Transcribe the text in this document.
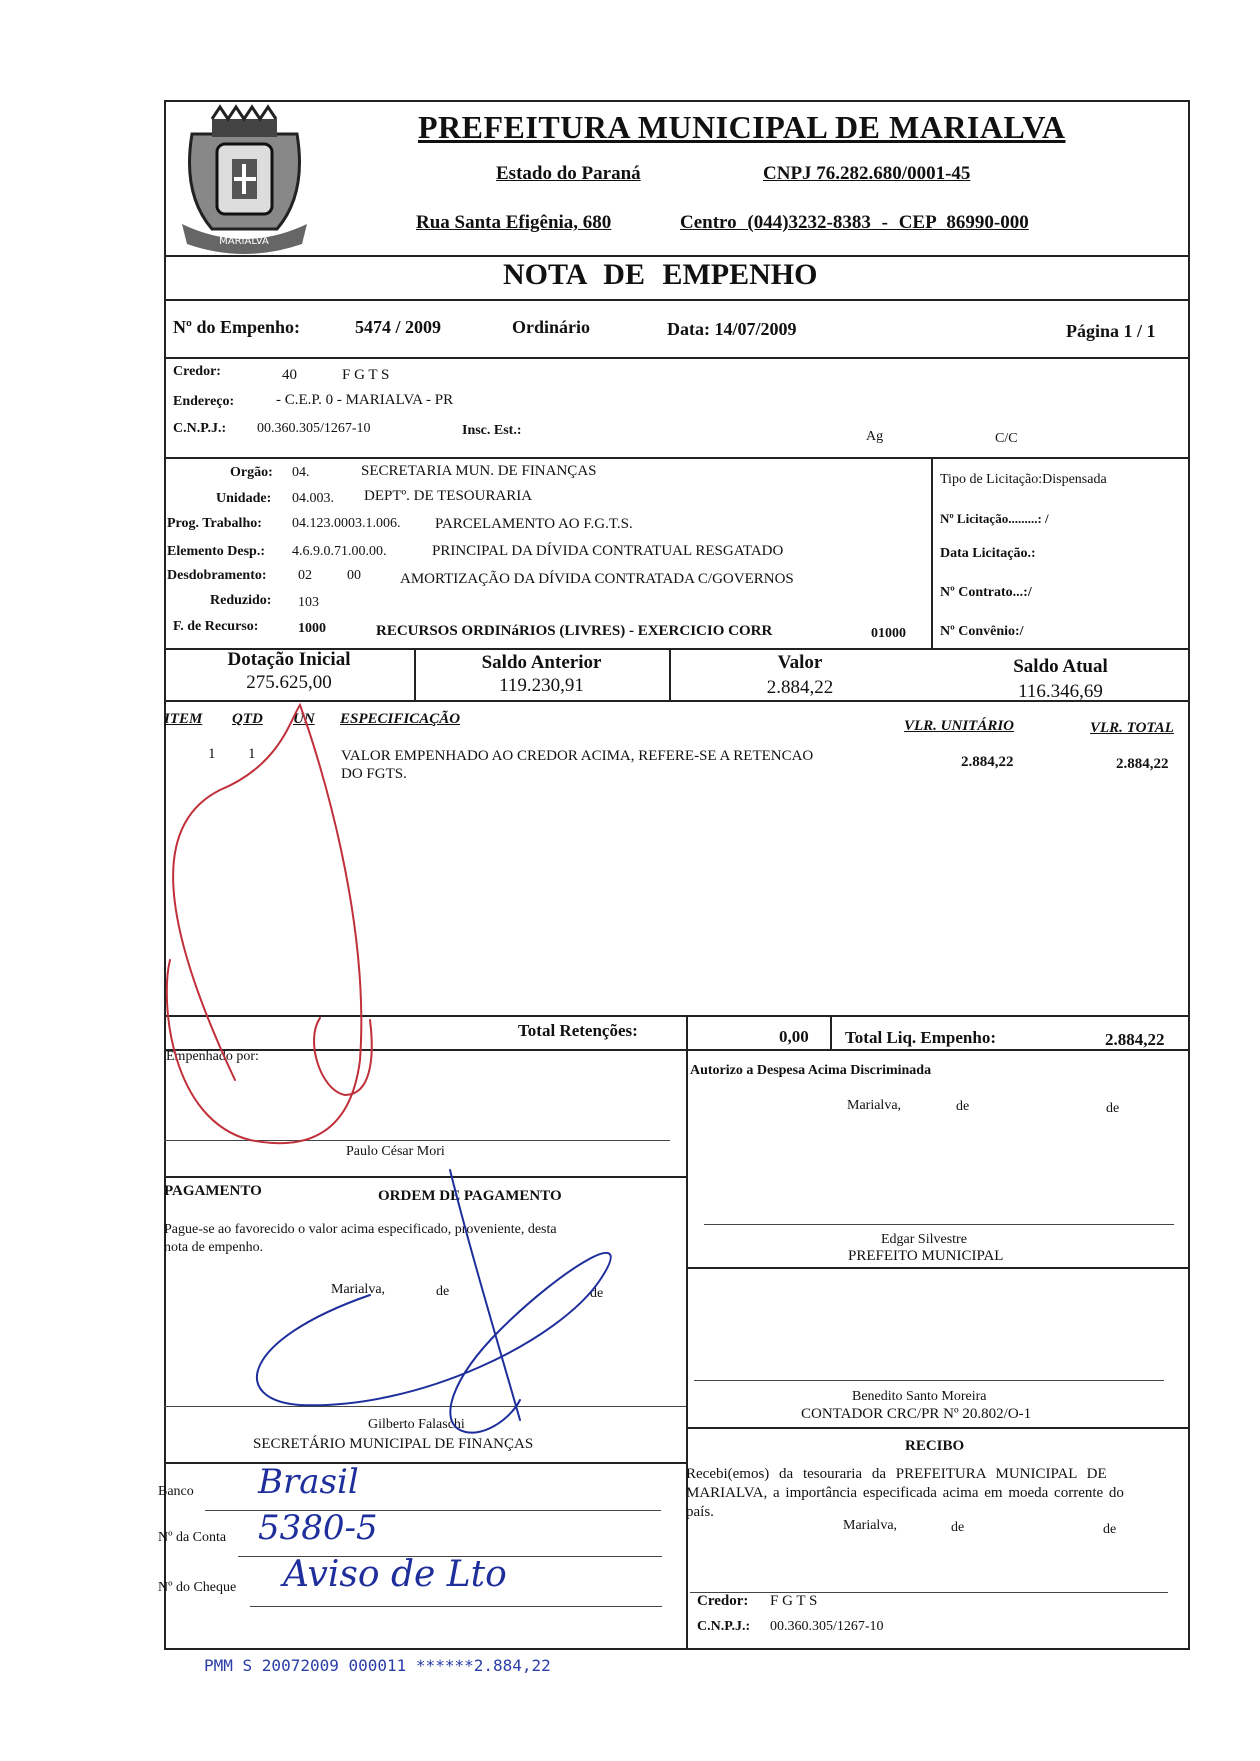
MARIALVA
PREFEITURA MUNICIPAL DE MARIALVA
Estado do Paraná	CNPJ 76.282.680/0001-45
Rua Santa Efigênia, 680	Centro (044)3232-8383 - CEP 86990-000
NOTA DE EMPENHO
Nº do Empenho:	5474 / 2009	Ordinário	Data: 14/07/2009	Página 1 / 1
Credor:	40	F G T S
Endereço:	- C.E.P. 0 - MARIALVA - PR
C.N.P.J.: 00.360.305/1267-10	Insc. Est.:	Ag	C/C
Orgão: 04.	SECRETARIA MUN. DE FINANÇAS
Unidade: 04.003. DEPTº. DE TESOURARIA
Prog. Trabalho: 04.123.0003.1.006. PARCELAMENTO AO F.G.T.S.
Elemento Desp.: 4.6.9.0.71.00.00.	PRINCIPAL DA DÍVIDA CONTRATUAL RESGATADO
Desdobramento: 02	00	AMORTIZAÇÃO DA DÍVIDA CONTRATADA C/GOVERNOS
Reduzido: 103
F. de Recurso:	1000	RECURSOS ORDINáRIOS (LIVRES) - EXERCICIO CORR	01000
Tipo de Licitação:Dispensada
Nº Licitação.........: /
Data Licitação.:
Nº Contrato...:/
Nº Convênio:/
Dotação Inicial
275.625,00
Saldo Anterior
119.230,91
Valor
2.884,22
Saldo Atual
116.346,69
ITEM QTD UN ESPECIFICAÇÃO	VLR. UNITÁRIO	VLR. TOTAL
1 1	VALOR EMPENHADO AO CREDOR ACIMA, REFERE-SE A RETENCAO
DO FGTS.
2.884,22	2.884,22
Total Retenções:	0,00 Total Liq. Empenho:	2.884,22
Empenhado por:
Paulo César Mori
Autorizo a Despesa Acima Discriminada
Marialva,	de	de
Edgar Silvestre
PREFEITO MUNICIPAL
PAGAMENTO	ORDEM DE PAGAMENTO
Pague-se ao favorecido o valor acima especificado, proveniente, desta
nota de empenho.
Marialva,	de	de
Gilberto Falaschi
SECRETÁRIO MUNICIPAL DE FINANÇAS
Benedito Santo Moreira
CONTADOR CRC/PR Nº 20.802/O-1
Banco Brasil
Nº da Conta 5380-5
Nº do Cheque Aviso de Lto
RECIBO
Recebi(emos) da tesouraria da PREFEITURA MUNICIPAL DE
MARIALVA, a importância especificada acima em moeda corrente do
país.
Marialva,	de	de
Credor: F G T S
C.N.P.J.: 00.360.305/1267-10
PMM S 20072009 000011 ******2.884,22
